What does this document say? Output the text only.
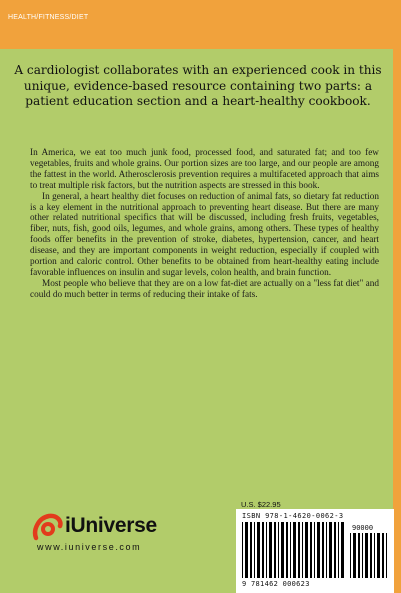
HEALTH/FITNESS/DIET
A cardiologist collaborates with an experienced cook in this unique, evidence-based resource containing two parts: a patient education section and a heart-healthy cookbook.

In America, we eat too much junk food, processed food, and saturated fat; and too few vegetables, fruits and whole grains. Our portion sizes are too large, and our people are among the fattest in the world. Atherosclerosis prevention requires a multifaceted approach that aims to treat multiple risk factors, but the nutrition aspects are stressed in this book.

In general, a heart healthy diet focuses on reduction of animal fats, so dietary fat reduction is a key element in the nutritional approach to preventing heart disease. But there are many other related nutritional specifics that will be discussed, including fresh fruits, vegetables, fiber, nuts, fish, good oils, legumes, and whole grains, among others. These types of healthy foods offer benefits in the prevention of stroke, diabetes, hypertension, cancer, and heart disease, and they are important components in weight reduction, especially if coupled with portion and caloric control. Other benefits to be obtained from heart-healthy eating include favorable influences on insulin and sugar levels, colon health, and brain function.

Most people who believe that they are on a low fat-diet are actually on a "less fat diet" and could do much better in terms of reducing their intake of fats.

iUniverse
www.iuniverse.com
U.S. $22.95
ISBN 978-1-4620-0062-3
90000
9 781462 000623
